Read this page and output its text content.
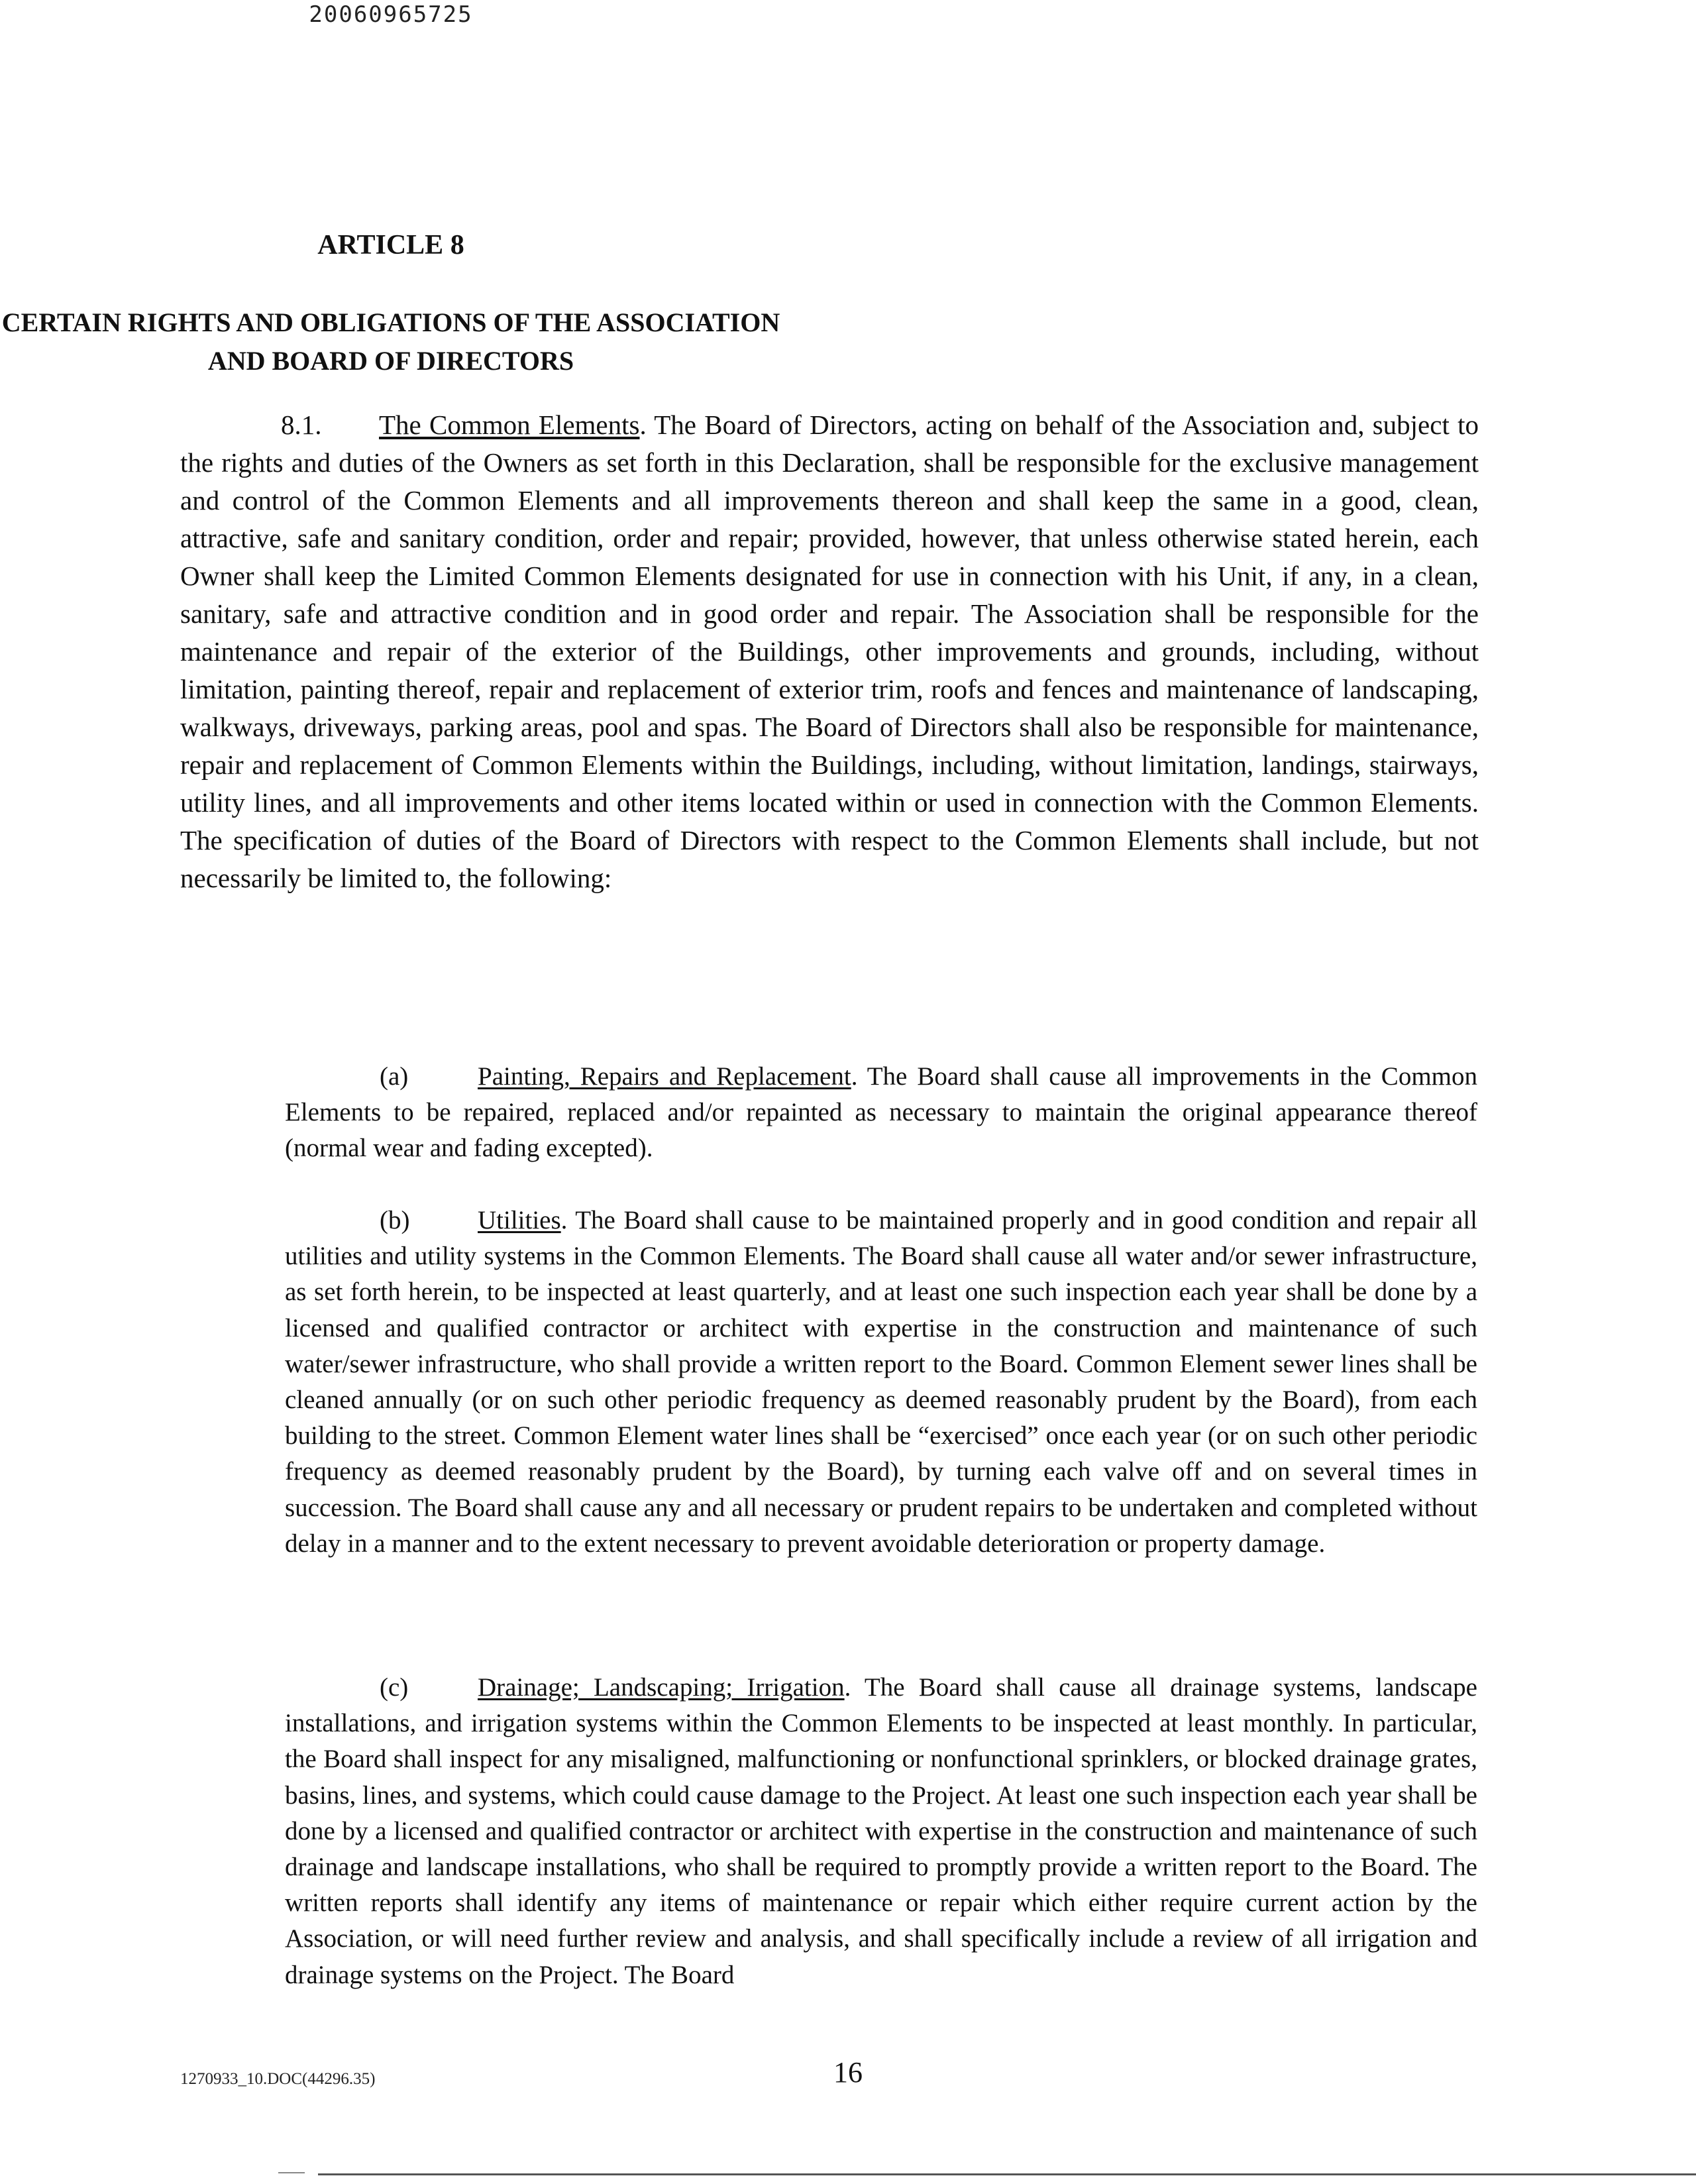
20060965725
ARTICLE 8
CERTAIN RIGHTS AND OBLIGATIONS OF THE ASSOCIATION
AND BOARD OF DIRECTORS

8.1. The Common Elements. The Board of Directors, acting on behalf of the Association and, subject to the rights and duties of the Owners as set forth in this Declaration, shall be responsible for the exclusive management and control of the Common Elements and all improvements thereon and shall keep the same in a good, clean, attractive, safe and sanitary condition, order and repair; provided, however, that unless otherwise stated herein, each Owner shall keep the Limited Common Elements designated for use in connection with his Unit, if any, in a clean, sanitary, safe and attractive condition and in good order and repair. The Association shall be responsible for the maintenance and repair of the exterior of the Buildings, other improvements and grounds, including, without limitation, painting thereof, repair and replacement of exterior trim, roofs and fences and maintenance of landscaping, walkways, driveways, parking areas, pool and spas. The Board of Directors shall also be responsible for maintenance, repair and replacement of Common Elements within the Buildings, including, without limitation, landings, stairways, utility lines, and all improvements and other items located within or used in connection with the Common Elements. The specification of duties of the Board of Directors with respect to the Common Elements shall include, but not necessarily be limited to, the following:

(a)	Painting, Repairs and Replacement. The Board shall cause all improvements in the Common Elements to be repaired, replaced and/or repainted as necessary to maintain the original appearance thereof (normal wear and fading excepted).

(b)	Utilities. The Board shall cause to be maintained properly and in good condition and repair all utilities and utility systems in the Common Elements. The Board shall cause all water and/or sewer infrastructure, as set forth herein, to be inspected at least quarterly, and at least one such inspection each year shall be done by a licensed and qualified contractor or architect with expertise in the construction and maintenance of such water/sewer infrastructure, who shall provide a written report to the Board. Common Element sewer lines shall be cleaned annually (or on such other periodic frequency as deemed reasonably prudent by the Board), from each building to the street. Common Element water lines shall be “exercised” once each year (or on such other periodic frequency as deemed reasonably prudent by the Board), by turning each valve off and on several times in succession. The Board shall cause any and all necessary or prudent repairs to be undertaken and completed without delay in a manner and to the extent necessary to prevent avoidable deterioration or property damage.

(c)	Drainage; Landscaping; Irrigation. The Board shall cause all drainage systems, landscape installations, and irrigation systems within the Common Elements to be inspected at least monthly. In particular, the Board shall inspect for any misaligned, malfunctioning or nonfunctional sprinklers, or blocked drainage grates, basins, lines, and systems, which could cause damage to the Project. At least one such inspection each year shall be done by a licensed and qualified contractor or architect with expertise in the construction and maintenance of such drainage and landscape installations, who shall be required to promptly provide a written report to the Board. The written reports shall identify any items of maintenance or repair which either require current action by the Association, or will need further review and analysis, and shall specifically include a review of all irrigation and drainage systems on the Project. The Board

1270933_10.DOC(44296.35)	16
